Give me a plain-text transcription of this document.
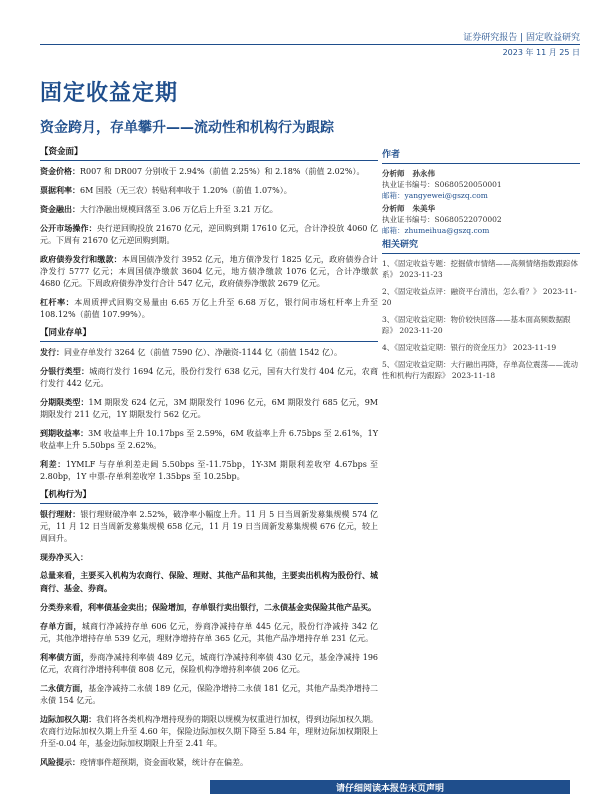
证券研究报告 | 固定收益研究
2023 年 11 月 25 日
固定收益定期
资金跨月，存单攀升——流动性和机构行为跟踪
【资金面】
资金价格：R007 和 DR007 分别收于 2.94%（前值 2.25%）和 2.18%（前值 2.02%）。
票据利率：6M 国股（无三农）转贴利率收于 1.20%（前值 1.07%）。
资金融出：大行净融出规模回落至 3.06 万亿后上升至 3.21 万亿。
公开市场操作：央行逆回购投放 21670 亿元，逆回购到期 17610 亿元，合计净投放 4060 亿元。下周有 21670 亿元逆回购到期。
政府债券发行和缴款：本周国债净发行 3952 亿元，地方债净发行 1825 亿元，政府债券合计净发行 5777 亿元；本周国债净缴款 3604 亿元，地方债净缴款 1076 亿元，合计净缴款 4680 亿元。下周政府债券净发行合计 547 亿元，政府债券净缴款 2679 亿元。
杠杆率：本周质押式回购交易量由 6.65 万亿上升至 6.68 万亿，银行间市场杠杆率上升至 108.12%（前值 107.99%）。
【同业存单】
发行：同业存单发行 3264 亿（前值 7590 亿）、净融资-1144 亿（前值 1542 亿）。
分银行类型：城商行发行 1694 亿元，股份行发行 638 亿元，国有大行发行 404 亿元，农商行发行 442 亿元。
分期限类型：1M 期限发 624 亿元，3M 期限发行 1096 亿元，6M 期限发行 685 亿元，9M 期限发行 211 亿元，1Y 期限发行 562 亿元。
到期收益率：3M 收益率上升 10.17bps 至 2.59%，6M 收益率上升 6.75bps 至 2.61%，1Y 收益率上升 5.50bps 至 2.62%。
利差：1YMLF 与存单利差走阔 5.50bps 至-11.75bp，1Y-3M 期限利差收窄 4.67bps 至 2.80bp，1Y 中票-存单利差收窄 1.35bps 至 10.25bp。
【机构行为】
银行理财：银行理财破净率 2.52%，破净率小幅度上升。11 月 5 日当周新发募集规模 574 亿元，11 月 12 日当周新发募集规模 658 亿元，11 月 19 日当周新发募集规模 676 亿元，较上周回升。
现券净买入：
总量来看，主要买入机构为农商行、保险、理财、其他产品和其他，主要卖出机构为股份行、城商行、基金、券商。
分类券来看，利率债基金卖出；保险增加，存单银行卖出银行，二永债基金卖保险其他产品买。
存单方面，城商行净减持存单 606 亿元，券商净减持存单 445 亿元，股份行净减持 342 亿元，其他净增持存单 539 亿元，理财净增持存单 365 亿元，其他产品净增持存单 231 亿元。
利率债方面，券商净减持利率债 489 亿元，城商行净减持利率债 430 亿元，基金净减持 196 亿元，农商行净增持利率债 808 亿元，保险机构净增持利率债 206 亿元。
二永债方面，基金净减持二永债 189 亿元，保险净增持二永债 181 亿元，其他产品类净增持二永债 154 亿元。
边际加权久期：我们将各类机构净增持现券的期限以规模为权重进行加权，得到边际加权久期。农商行边际加权久期上升至 4.60 年，保险边际加权久期下降至 5.84 年，理财边际加权期限上升至-0.04 年，基金边际加权期限上升至 2.41 年。
风险提示：疫情事件超预期，资金面收紧，统计存在偏差。
作者
分析师 孙永伟
执业证书编号：S0680520050001
邮箱：yangyewei@gszq.com
分析师 朱美华
执业证书编号：S0680522070002
邮箱：zhumeihua@gszq.com
相关研究
1、《固定收益专题：挖掘债市情绪——高频情绪指数跟踪体系》 2023-11-23
2、《固定收益点评：融资平台清出，怎么看？》 2023-11-20
3、《固定收益定期：物价较快回落——基本面高频数据跟踪》 2023-11-20
4、《固定收益定期：银行的资金压力》 2023-11-19
5、《固定收益定期：大行融出再降，存单高位震荡——流动性和机构行为跟踪》 2023-11-18
请仔细阅读本报告末页声明
